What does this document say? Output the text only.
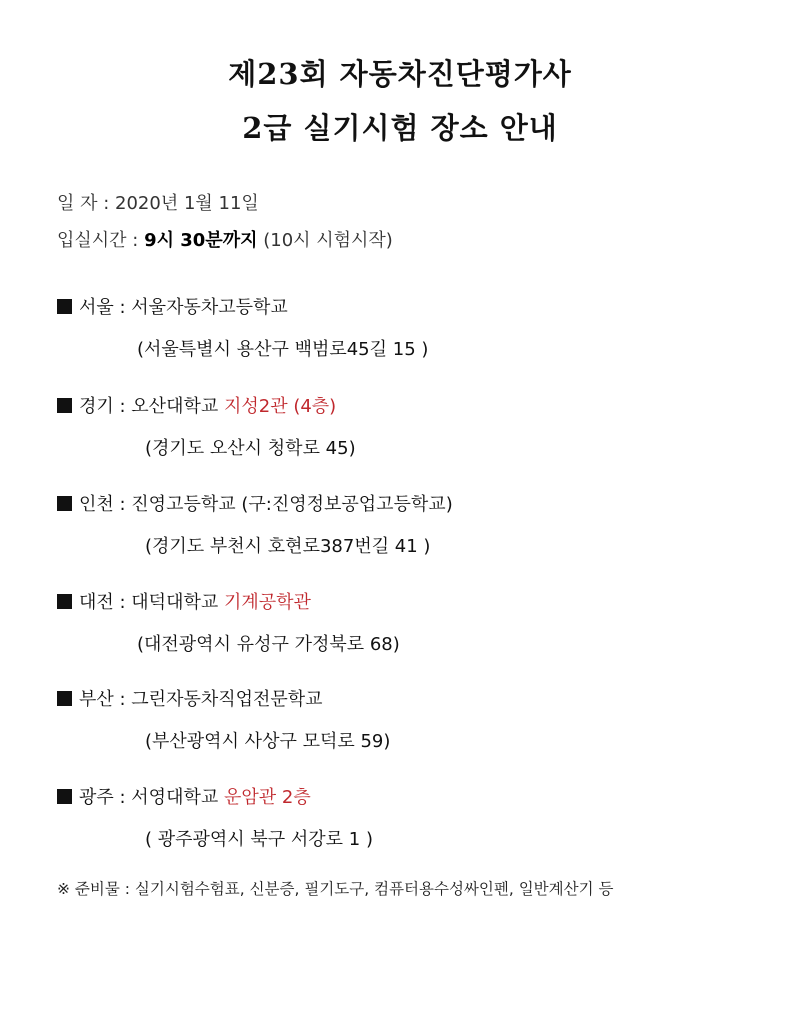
제23회 자동차진단평가사
2급 실기시험 장소 안내
일 자 : 2020년 1월 11일
입실시간 : 9시 30분까지 (10시 시험시작)
서울 : 서울자동차고등학교
(서울특별시 용산구 백범로45길 15 )
경기 : 오산대학교 지성2관 (4층)
(경기도 오산시 청학로 45)
인천 : 진영고등학교 (구:진영정보공업고등학교)
(경기도 부천시 호현로387번길 41 )
대전 : 대덕대학교 기계공학관
(대전광역시 유성구 가정북로 68)
부산 : 그린자동차직업전문학교
(부산광역시 사상구 모덕로 59)
광주 : 서영대학교 운암관 2층
( 광주광역시 북구 서강로 1 )
※ 준비물 : 실기시험수험표, 신분증, 필기도구, 컴퓨터용수성싸인펜, 일반계산기 등
